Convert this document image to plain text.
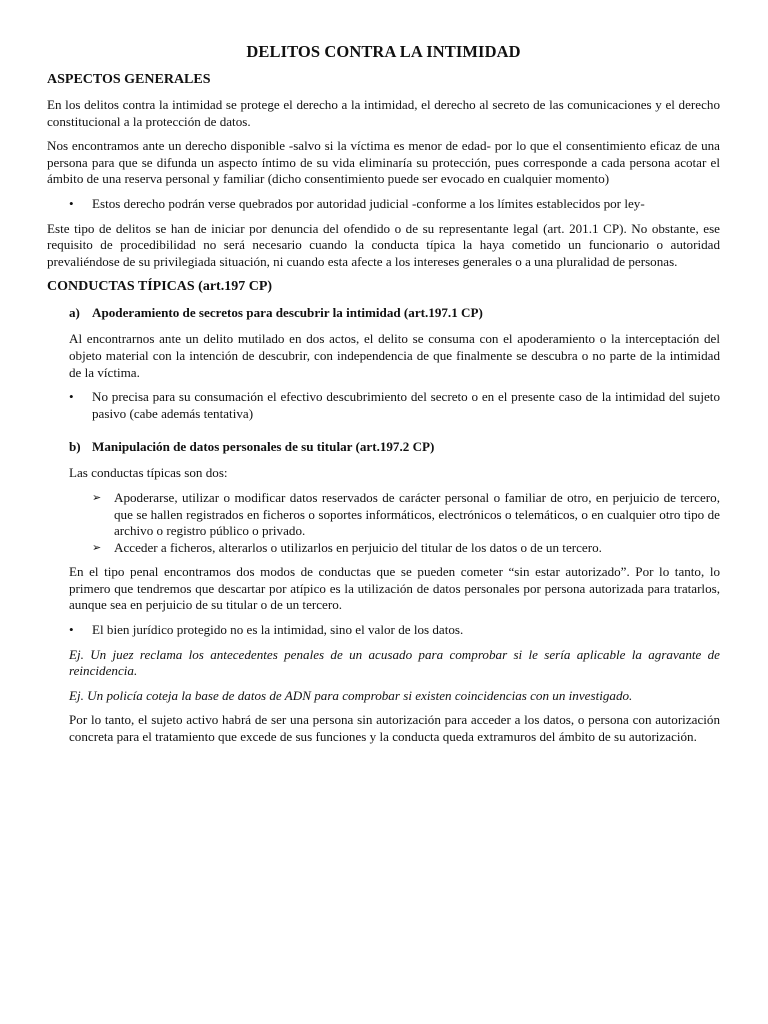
DELITOS CONTRA LA INTIMIDAD
ASPECTOS GENERALES

En los delitos contra la intimidad se protege el derecho a la intimidad, el derecho al secreto de las comunicaciones y el derecho constitucional a la protección de datos.

Nos encontramos ante un derecho disponible -salvo si la víctima es menor de edad- por lo que el consentimiento eficaz de una persona para que se difunda un aspecto íntimo de su vida eliminaría su protección, pues corresponde a cada persona acotar el ámbito de una reserva personal y familiar (dicho consentimiento puede ser evocado en cualquier momento)

• Estos derecho podrán verse quebrados por autoridad judicial -conforme a los límites establecidos por ley-

Este tipo de delitos se han de iniciar por denuncia del ofendido o de su representante legal (art. 201.1 CP). No obstante, ese requisito de procedibilidad no será necesario cuando la conducta típica la haya cometido un funcionario o autoridad prevaliéndose de su privilegiada situación, ni cuando esta afecte a los intereses generales o a una pluralidad de personas.

CONDUCTAS TÍPICAS (art.197 CP)
a) Apoderamiento de secretos para descubrir la intimidad (art.197.1 CP)

Al encontrarnos ante un delito mutilado en dos actos, el delito se consuma con el apoderamiento o la interceptación del objeto material con la intención de descubrir, con independencia de que finalmente se descubra o no parte de la intimidad de la víctima.

• No precisa para su consumación el efectivo descubrimiento del secreto o en el presente caso de la intimidad del sujeto pasivo (cabe además tentativa)
b) Manipulación de datos personales de su titular (art.197.2 CP)

Las conductas típicas son dos:

➢ Apoderarse, utilizar o modificar datos reservados de carácter personal o familiar de otro, en perjuicio de tercero, que se hallen registrados en ficheros o soportes informáticos, electrónicos o telemáticos, o en cualquier otro tipo de archivo o registro público o privado.
➢ Acceder a ficheros, alterarlos o utilizarlos en perjuicio del titular de los datos o de un tercero.

En el tipo penal encontramos dos modos de conductas que se pueden cometer “sin estar autorizado”. Por lo tanto, lo primero que tendremos que descartar por atípico es la utilización de datos personales por persona autorizada para tratarlos, aunque sea en perjuicio de su titular o de un tercero.

• El bien jurídico protegido no es la intimidad, sino el valor de los datos.

Ej. Un juez reclama los antecedentes penales de un acusado para comprobar si le sería aplicable la agravante de reincidencia.

Ej. Un policía coteja la base de datos de ADN para comprobar si existen coincidencias con un investigado.

Por lo tanto, el sujeto activo habrá de ser una persona sin autorización para acceder a los datos, o persona con autorización concreta para el tratamiento que excede de sus funciones y la conducta queda extramuros del ámbito de su autorización.
